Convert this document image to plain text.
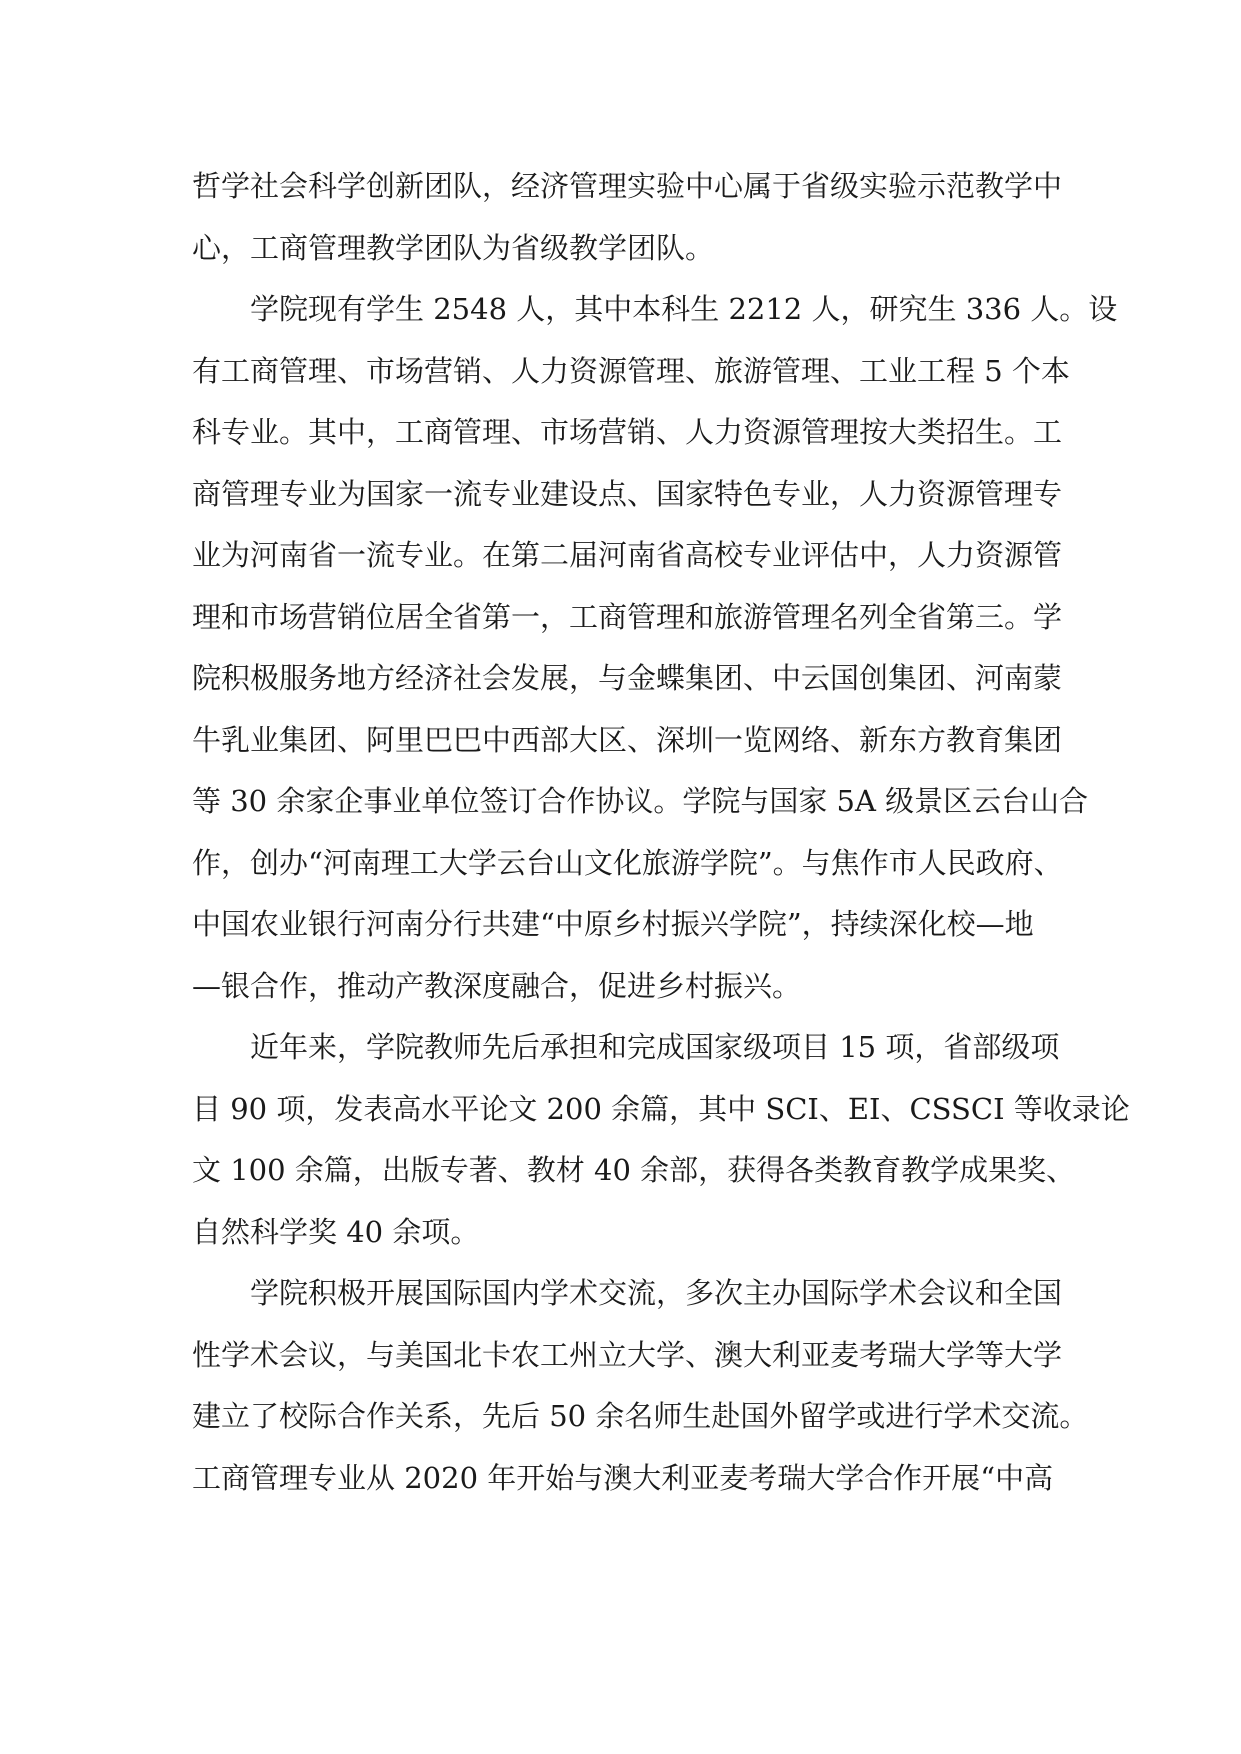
哲学社会科学创新团队，经济管理实验中心属于省级实验示范教学中
心，工商管理教学团队为省级教学团队。
　　学院现有学生 2548 人，其中本科生 2212 人，研究生 336 人。设
有工商管理、市场营销、人力资源管理、旅游管理、工业工程 5 个本
科专业。其中，工商管理、市场营销、人力资源管理按大类招生。工
商管理专业为国家一流专业建设点、国家特色专业，人力资源管理专
业为河南省一流专业。在第二届河南省高校专业评估中，人力资源管
理和市场营销位居全省第一，工商管理和旅游管理名列全省第三。学
院积极服务地方经济社会发展，与金蝶集团、中云国创集团、河南蒙
牛乳业集团、阿里巴巴中西部大区、深圳一览网络、新东方教育集团
等 30 余家企事业单位签订合作协议。学院与国家 5A 级景区云台山合
作，创办“河南理工大学云台山文化旅游学院”。与焦作市人民政府、
中国农业银行河南分行共建“中原乡村振兴学院”，持续深化校—地
—银合作，推动产教深度融合，促进乡村振兴。
　　近年来，学院教师先后承担和完成国家级项目 15 项，省部级项
目 90 项，发表高水平论文 200 余篇，其中 SCI、EI、CSSCI 等收录论
文 100 余篇，出版专著、教材 40 余部，获得各类教育教学成果奖、
自然科学奖 40 余项。
　　学院积极开展国际国内学术交流，多次主办国际学术会议和全国
性学术会议，与美国北卡农工州立大学、澳大利亚麦考瑞大学等大学
建立了校际合作关系，先后 50 余名师生赴国外留学或进行学术交流。
工商管理专业从 2020 年开始与澳大利亚麦考瑞大学合作开展“中高
